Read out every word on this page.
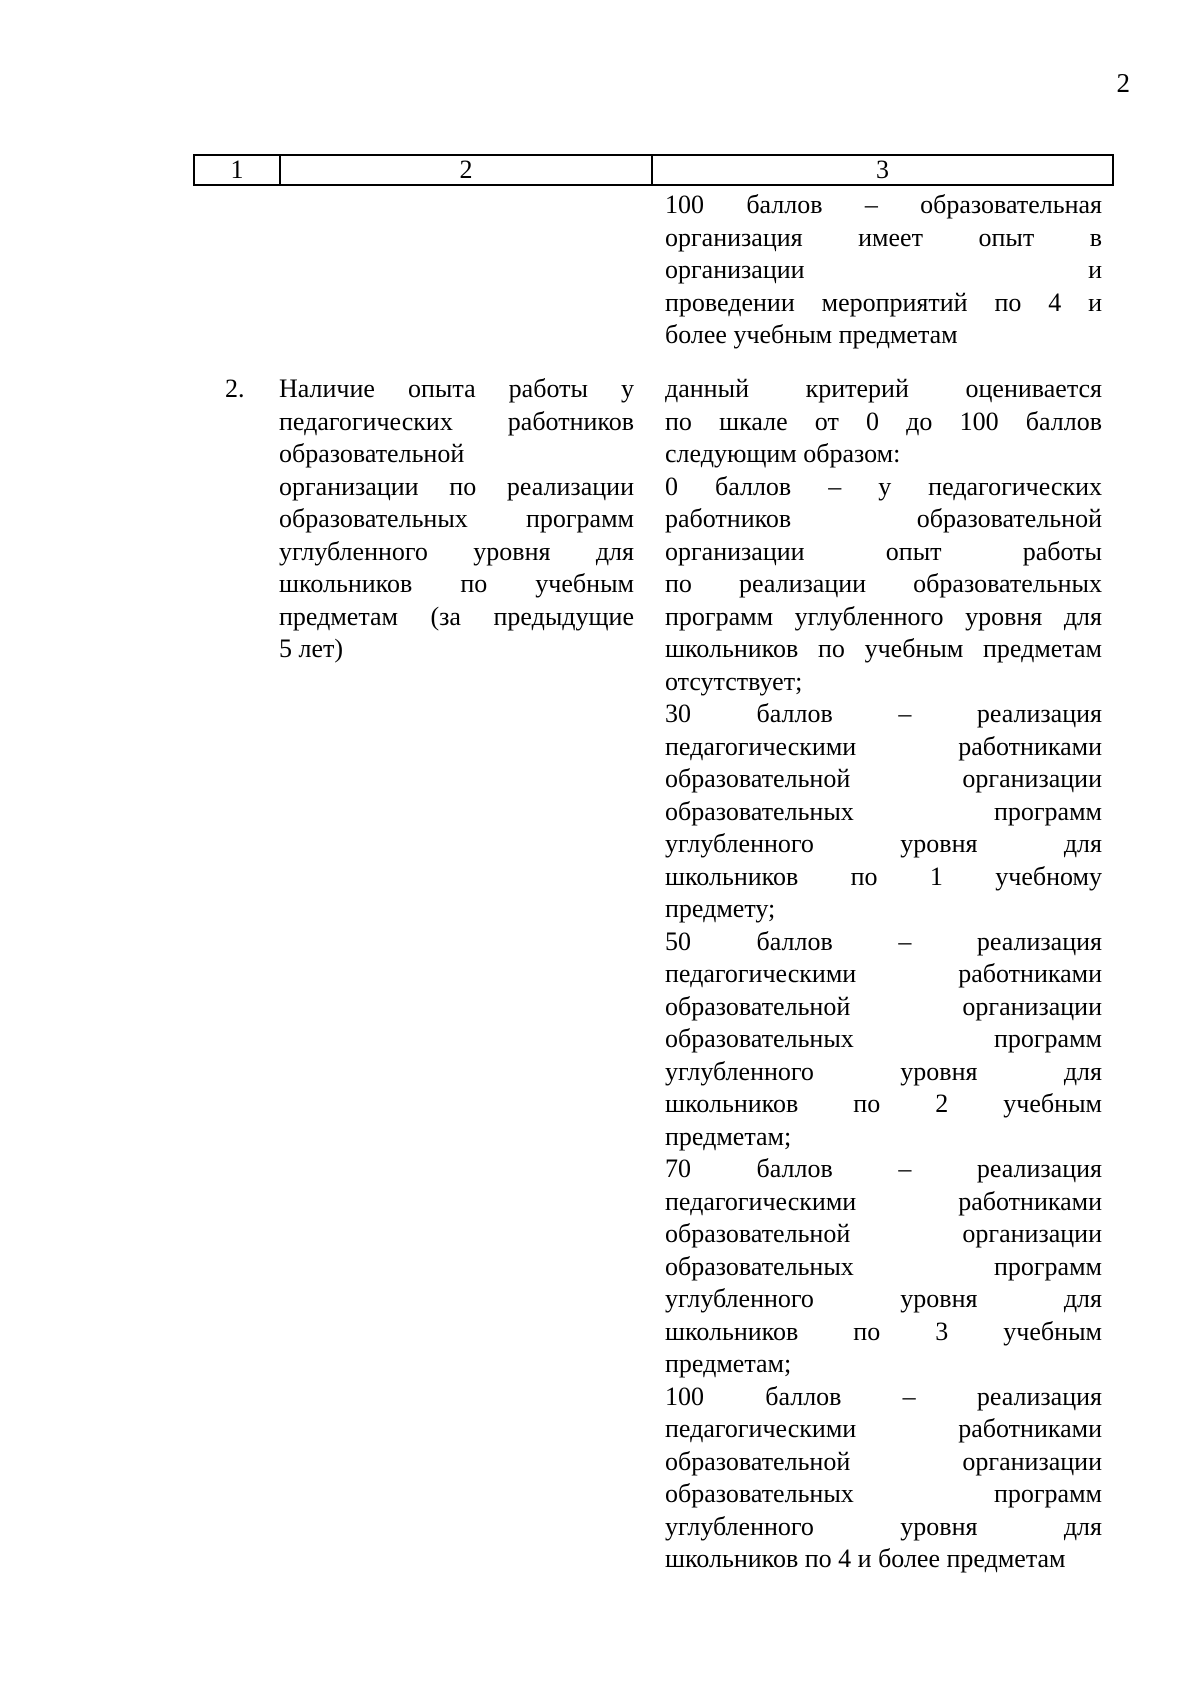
2
1	2	3
100 баллов – образовательная
организация имеет опыт в
организации и
проведении мероприятий по 4 и
более учебным предметам
2. Наличие опыта работы у
педагогических работников
образовательной
организации по реализации
образовательных программ
углубленного уровня для
школьников по учебным
предметам (за предыдущие
5 лет)
данный критерий оценивается
по шкале от 0 до 100 баллов
следующим образом:
0 баллов – у педагогических
работников образовательной
организации опыт работы
по реализации образовательных
программ углубленного уровня для
школьников по учебным предметам
отсутствует;
30 баллов – реализация
педагогическими работниками
образовательной организации
образовательных программ
углубленного уровня для
школьников по 1 учебному
предмету;
50 баллов – реализация
педагогическими работниками
образовательной организации
образовательных программ
углубленного уровня для
школьников по 2 учебным
предметам;
70 баллов – реализация
педагогическими работниками
образовательной организации
образовательных программ
углубленного уровня для
школьников по 3 учебным
предметам;
100 баллов – реализация
педагогическими работниками
образовательной организации
образовательных программ
углубленного уровня для
школьников по 4 и более предметам
